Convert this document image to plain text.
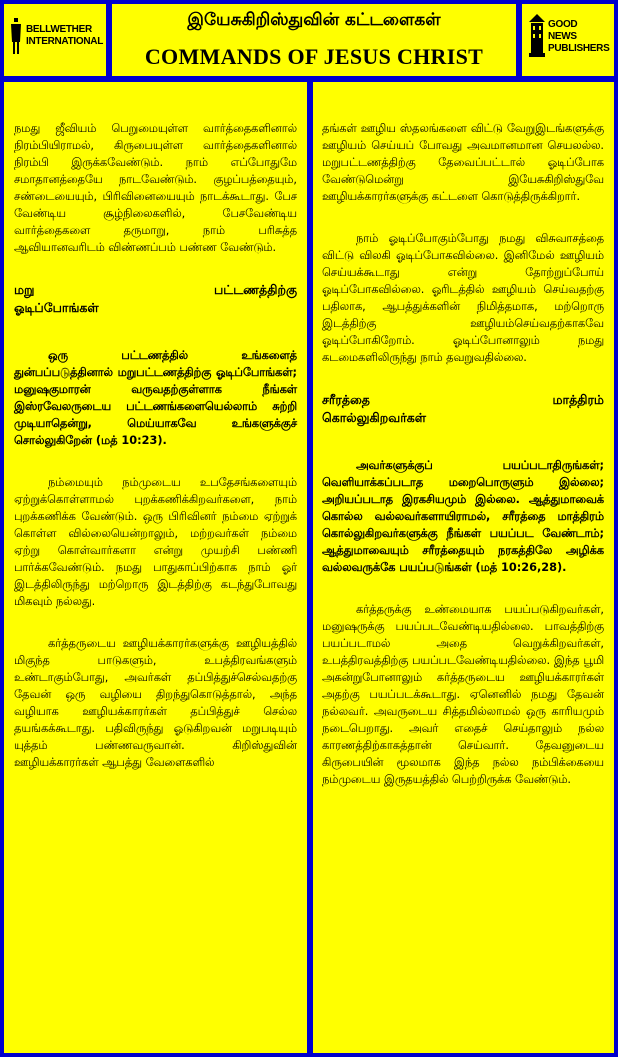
BELLWETHER INTERNATIONAL
இயேசுகிறிஸ்துவின் கட்டளைகள்
COMMANDS OF JESUS CHRIST
GOOD NEWS PUBLISHERS

நமது ஜீவியம் பெறுமையுள்ள வார்த்தைகளினால் நிரம்பியிராமல், கிருபையுள்ள வார்த்தைகளினால் நிரம்பி இருக்கவேண்டும். நாம் எப்போதுமே சமாதானத்தையே நாடவேண்டும். குழப்பத்தையும், சண்டையையும், பிரிவினையையும் நாடக்கூடாது. பேச வேண்டிய சூழ்நிலைகளில், பேசவேண்டிய வார்த்தைகளை தருமாறு, நாம் பரிசுத்த ஆவியானவரிடம் விண்ணப்பம் பண்ண வேண்டும்.

மறு	பட்டணத்திற்கு
ஓடிப்போங்கள்

ஒரு பட்டணத்தில் உங்களைத் துன்பப்படுத்தினால் மறுபட்டணத்திற்கு ஓடிப்போங்கள்; மனுஷகுமாரன் வருவதற்குள்ளாக நீங்கள் இஸ்ரவேலருடைய பட்டணங்களையெல்லாம் சுற்றி முடியாதென்று, மெய்யாகவே உங்களுக்குச் சொல்லுகிறேன் (மத் 10:23).

நம்மையும் நம்முடைய உபதேசங்களையும் ஏற்றுக்கொள்ளாமல் புறக்கணிக்கிறவர்களை, நாம் புறக்கணிக்க வேண்டும். ஒரு பிரிவினர் நம்மை ஏற்றுக் கொள்ள வில்லையென்றாலும், மற்றவர்கள் நம்மை ஏற்று கொள்வார்களா என்று முயற்சி பண்ணி பார்க்கவேண்டும். நமது பாதுகாப்பிற்காக நாம் ஓர் இடத்திலிருந்து மற்றொரு இடத்திற்கு கடந்துபோவது மிகவும் நல்லது.

கர்த்தருடைய ஊழியக்காரர்களுக்கு ஊழியத்தில் மிகுந்த பாடுகளும், உபத்திரவங்களும் உண்டாகும்போது, அவர்கள் தப்பித்துச்செல்வதற்கு தேவன் ஒரு வழியை திறந்துகொடுத்தால், அந்த வழியாக ஊழியக்காரர்கள் தப்பித்துச் செல்ல தயங்கக்கூடாது. பதிவிருந்து ஓடுகிறவன் மறுபடியும் யுத்தம் பண்ணவருவான். கிறிஸ்துவின் ஊழியக்காரர்கள் ஆபத்து வேளைகளில்

தங்கள் ஊழிய ஸ்தலங்களை விட்டு வேறுஇடங்களுக்கு ஊழியம் செய்யப் போவது அவமானமான செயலல்ல. மறுபட்டணத்திற்கு தேவைப்பட்டால் ஓடிப்போக வேண்டுமென்று இயேசுகிறிஸ்துவே ஊழியக்காரர்களுக்கு கட்டளை கொடுத்திருக்கிறார்.

நாம் ஓடிப்போகும்போது நமது விசுவாசத்தை விட்டு விலகி ஓடிப்போகவில்லை. இனிமேல் ஊழியம் செய்யக்கூடாது என்று தோற்றுப்போய் ஓடிப்போகவில்லை. ஓரிடத்தில் ஊழியம் செய்வதற்கு பதிலாக, ஆபத்துக்களின் நிமித்தமாக, மற்றொரு இடத்திற்கு ஊழியம்செய்வதற்காகவே ஓடிப்போகிறோம். ஓடிப்போனாலும் நமது கடமைகளிலிருந்து நாம் தவறுவதில்லை.

சரீரத்தை	மாத்திரம்
கொல்லுகிறவர்கள்

அவர்களுக்குப் பயப்படாதிருங்கள்; வெளியாக்கப்படாத மறைபொருளும் இல்லை; அறியப்படாத இரகசியமும் இல்லை. ஆத்துமாவைக் கொல்ல வல்லவர்களாயிராமல், சரீரத்தை மாத்திரம் கொல்லுகிறவர்களுக்கு நீங்கள் பயப்பட வேண்டாம்; ஆத்துமாவையும் சரீரத்தையும் நரகத்திலே அழிக்க வல்லவருக்கே பயப்படுங்கள் (மத் 10:26,28).

கர்த்தருக்கு உண்மையாக பயப்படுகிறவர்கள், மனுஷருக்கு பயப்படவேண்டியதில்லை. பாவத்திற்கு பயப்படாமல் அதை வெறுக்கிறவர்கள், உபத்திரவத்திற்கு பயப்படவேண்டியதில்லை. இந்த பூமி அகன்றுபோனாலும் கர்த்தருடைய ஊழியக்காரர்கள் அதற்கு பயப்படக்கூடாது. ஏனெனில் நமது தேவன் நல்லவர். அவருடைய சித்தமில்லாமல் ஒரு காரியமும் நடைபெறாது. அவர் எதைச் செய்தாலும் நல்ல காரணத்திற்காகத்தான் செய்வார். தேவனுடைய கிருபையின் மூலமாக இந்த நல்ல நம்பிக்கையை நம்முடைய இருதயத்தில் பெற்றிருக்க வேண்டும்.
